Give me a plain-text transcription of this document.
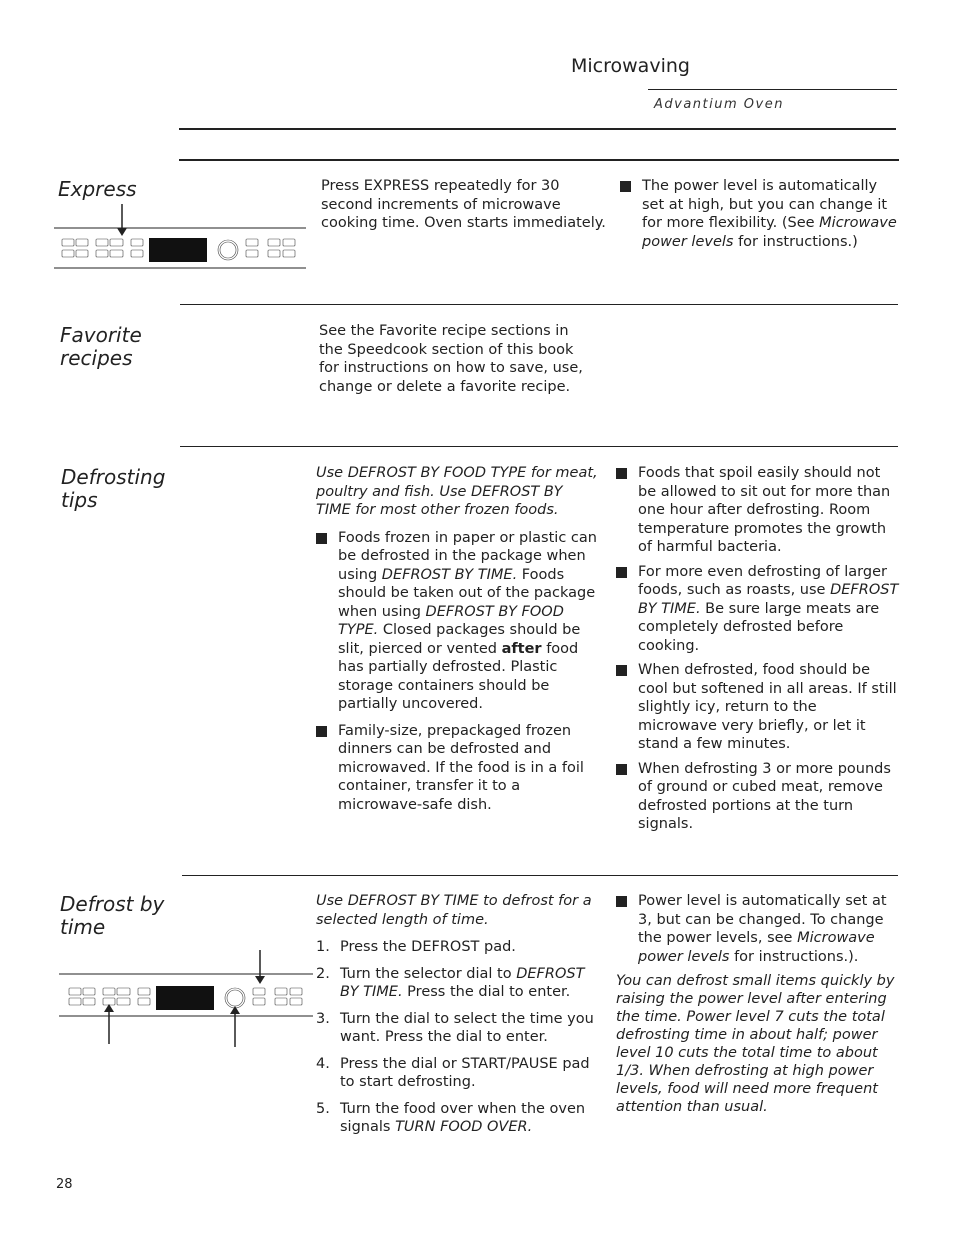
Microwaving
Advantium Oven
Express	Press EXPRESS repeatedly for 30 second increments of microwave cooking time. Oven starts immediately.
The power level is automatically set at high, but you can change it for more flexibility. (See Microwave power levels for instructions.)
Favorite
recipes
See the Favorite recipe sections in the Speedcook section of this book for instructions on how to save, use, change or delete a favorite recipe.
Defrosting
tips
Use DEFROST BY FOOD TYPE for meat, poultry and fish. Use DEFROST BY TIME for most other frozen foods.
Foods frozen in paper or plastic can be defrosted in the package when using DEFROST BY TIME. Foods should be taken out of the package when using DEFROST BY FOOD TYPE. Closed packages should be slit, pierced or vented after food has partially defrosted. Plastic storage containers should be partially uncovered.
Family-size, prepackaged frozen dinners can be defrosted and microwaved. If the food is in a foil container, transfer it to a microwave-safe dish.
Foods that spoil easily should not be allowed to sit out for more than one hour after defrosting. Room temperature promotes the growth of harmful bacteria.
For more even defrosting of larger foods, such as roasts, use DEFROST BY TIME. Be sure large meats are completely defrosted before cooking.
When defrosted, food should be cool but softened in all areas. If still slightly icy, return to the microwave very briefly, or let it stand a few minutes.
When defrosting 3 or more pounds of ground or cubed meat, remove defrosted portions at the turn signals.
Defrost by
time
Use DEFROST BY TIME to defrost for a selected length of time.
1. Press the DEFROST pad.
2. Turn the selector dial to DEFROST BY TIME. Press the dial to enter.
3. Turn the dial to select the time you want. Press the dial to enter.
4. Press the dial or START/PAUSE pad to start defrosting.
5. Turn the food over when the oven signals TURN FOOD OVER.
Power level is automatically set at 3, but can be changed. To change the power levels, see Microwave power levels for instructions.).
You can defrost small items quickly by raising the power level after entering the time. Power level 7 cuts the total defrosting time in about half; power level 10 cuts the total time to about 1/3. When defrosting at high power levels, food will need more frequent attention than usual.
28
